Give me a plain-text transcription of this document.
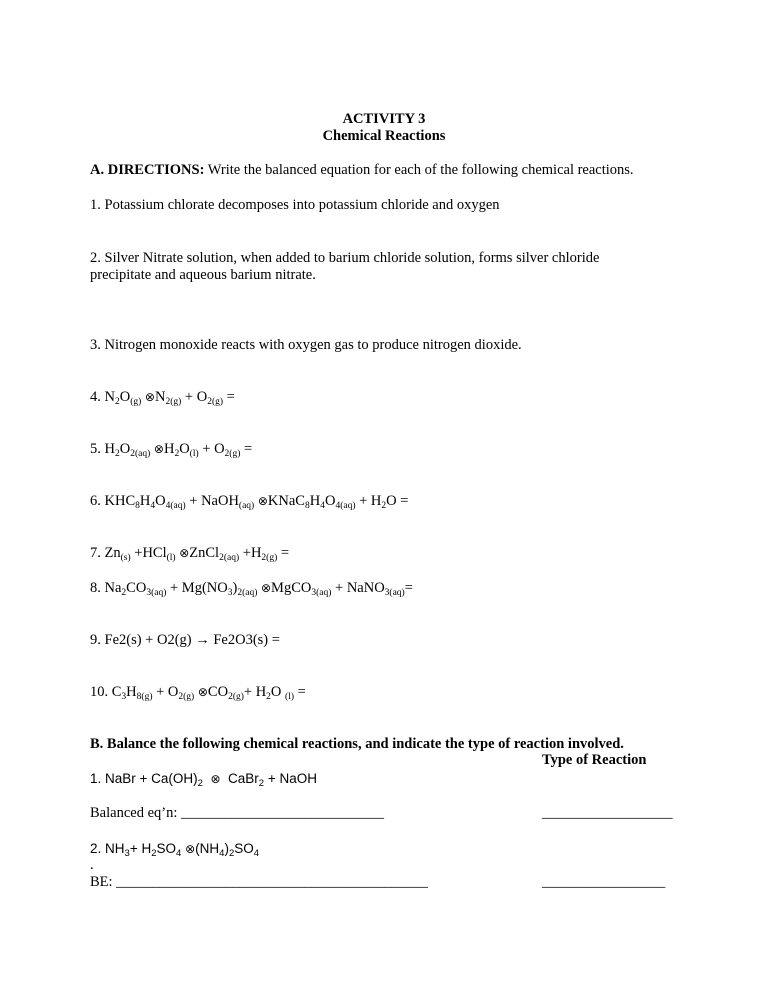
ACTIVITY 3
Chemical Reactions
A. DIRECTIONS: Write the balanced equation for each of the following chemical reactions.
1. Potassium chlorate decomposes into potassium chloride and oxygen
2. Silver Nitrate solution, when added to barium chloride solution, forms silver chloride
precipitate and aqueous barium nitrate.
3. Nitrogen monoxide reacts with oxygen gas to produce nitrogen dioxide.
4. $N_2O_{(g)}$ $\otimes N_{2(g)} + O_{2(g)}$ =
5. $H_2O_{2(aq)}$ $\otimes H_2O_{(l)} + O_{2(g)}$ =
6. $KHC_8H_4O_{4(aq)}$ + NaOH$_{(aq)}$ $\otimes KNaC_8H_4O_{4(aq)} + H_2O$ =
7. $Zn_{(s)} +HCl_{(l)}$ ⊗ZnCl$_{2(aq)}$ $+H_{2(g)}$ =
8. $Na_2CO_{3(aq)} + Mg(NO_3)_{2(aq)}$ ⊗MgCO$_{3(aq)}$ + NaNO$_{3(aq)}$=
9. Fe2(s) + O2(g) → Fe2O3(s) =
10. $C_3H_{8(g)} + O_{2(g)}$ $\otimes CO_{2(g)}+ H_2O$ $_{(l)}$ =
B. Balance the following chemical reactions, and indicate the type of reaction involved.
Type of Reaction
1. NaBr + $Ca(OH)_2$ ⊗  CaBr$_2$ + NaOH
Balanced eq’n: ____________________________	__________________
2. $NH_3+ H_2SO_4$ $\otimes(NH_4)_2SO_4$
.
BE: ___________________________________________	_________________
